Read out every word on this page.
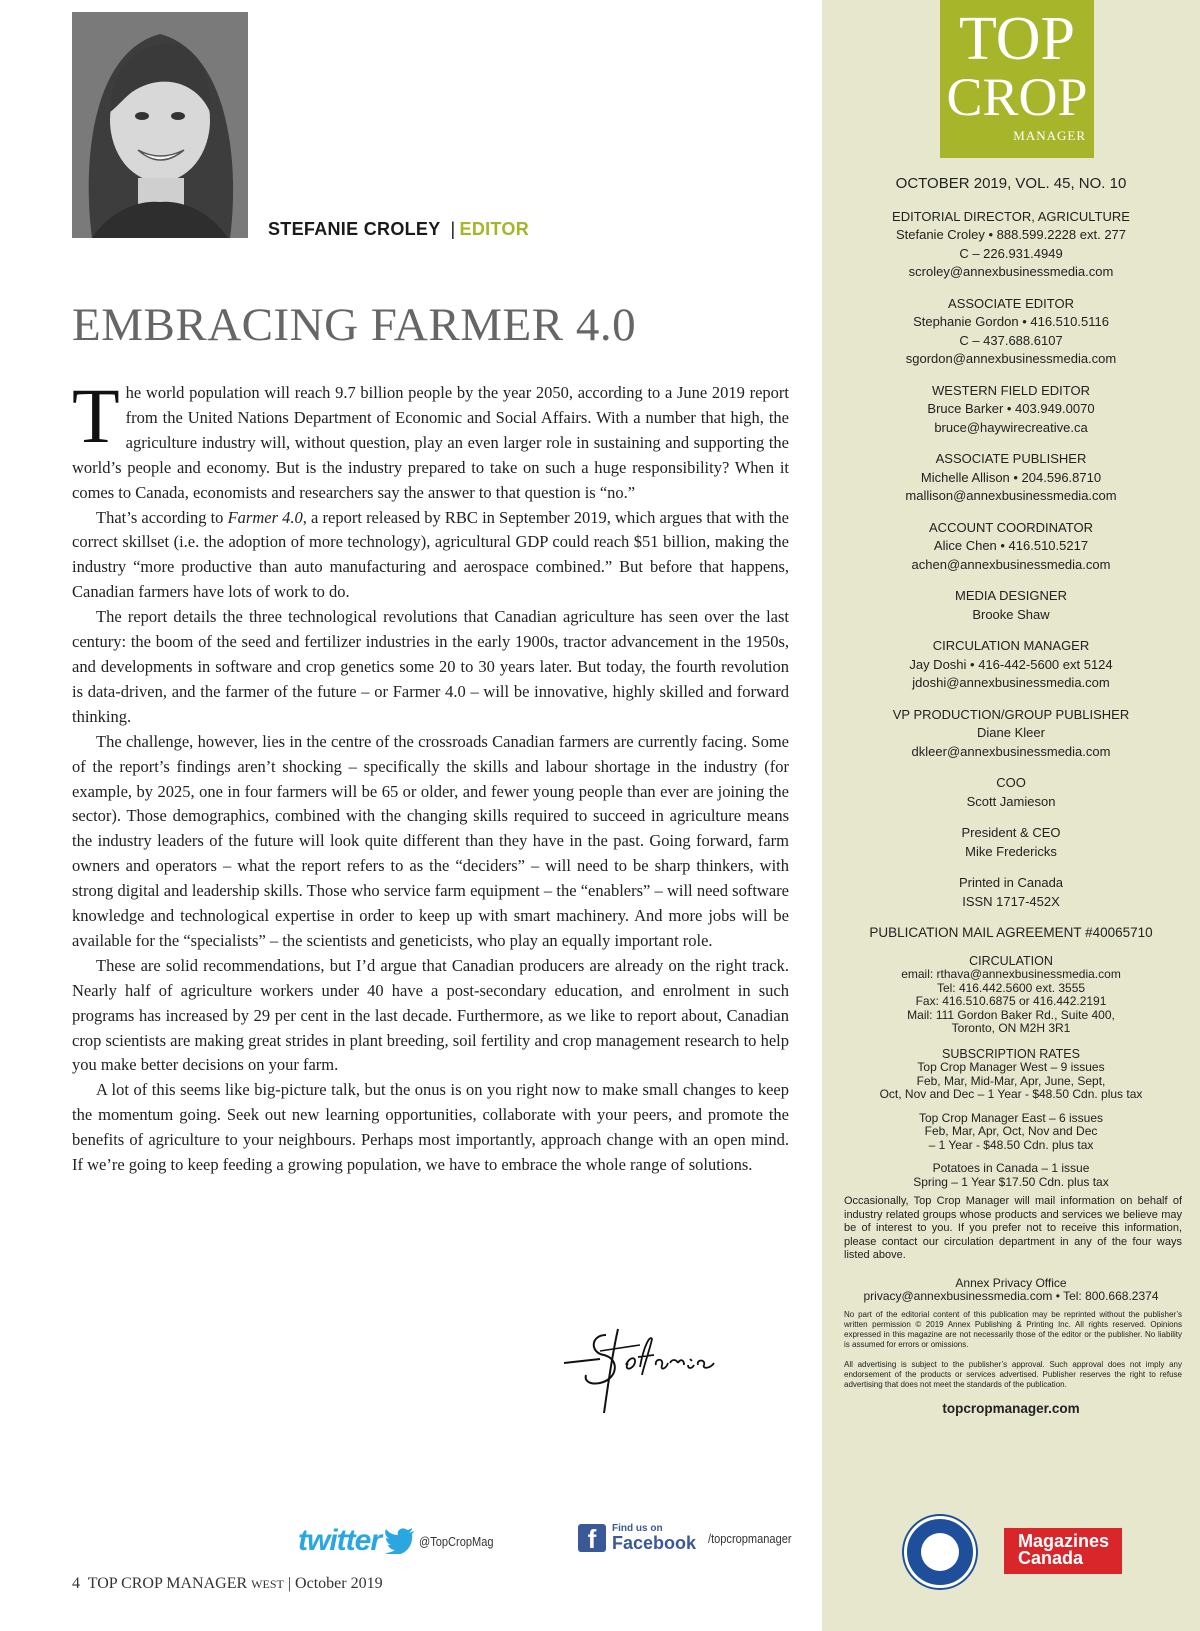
STEFANIE CROLEY | EDITOR
EMBRACING FARMER 4.0

The world population will reach 9.7 billion people by the year 2050, according to a June 2019 report from the United Nations Department of Economic and Social Affairs. With a number that high, the agriculture industry will, without question, play an even larger role in sustaining and supporting the world’s people and economy. But is the industry prepared to take on such a huge responsibility? When it comes to Canada, economists and researchers say the answer to that question is “no.”

That’s according to Farmer 4.0, a report released by RBC in September 2019, which argues that with the correct skillset (i.e. the adoption of more technology), agricultural GDP could reach $51 billion, making the industry “more productive than auto manufacturing and aerospace combined.” But before that happens, Canadian farmers have lots of work to do.

The report details the three technological revolutions that Canadian agriculture has seen over the last century: the boom of the seed and fertilizer industries in the early 1900s, tractor advancement in the 1950s, and developments in software and crop genetics some 20 to 30 years later. But today, the fourth revolution is data-driven, and the farmer of the future – or Farmer 4.0 – will be innovative, highly skilled and forward thinking.

The challenge, however, lies in the centre of the crossroads Canadian farmers are currently facing. Some of the report’s findings aren’t shocking – specifically the skills and labour shortage in the industry (for example, by 2025, one in four farmers will be 65 or older, and fewer young people than ever are joining the sector). Those demographics, combined with the changing skills required to succeed in agriculture means the industry leaders of the future will look quite different than they have in the past. Going forward, farm owners and operators – what the report refers to as the “deciders” – will need to be sharp thinkers, with strong digital and leadership skills. Those who service farm equipment – the “enablers” – will need software knowledge and technological expertise in order to keep up with smart machinery. And more jobs will be available for the “specialists” – the scientists and geneticists, who play an equally important role.

These are solid recommendations, but I’d argue that Canadian producers are already on the right track. Nearly half of agriculture workers under 40 have a post-secondary education, and enrolment in such programs has increased by 29 per cent in the last decade. Furthermore, as we like to report about, Canadian crop scientists are making great strides in plant breeding, soil fertility and crop management research to help you make better decisions on your farm.

A lot of this seems like big-picture talk, but the onus is on you right now to make small changes to keep the momentum going. Seek out new learning opportunities, collaborate with your peers, and promote the benefits of agriculture to your neighbours. Perhaps most importantly, approach change with an open mind. If we’re going to keep feeding a growing population, we have to embrace the whole range of solutions.

twitter	@TopCropMag	f	Find us on
Facebook /topcropmanager
4 TOP CROP MANAGER WEST | October 2019
TOP
CROP
MANAGER
OCTOBER 2019, VOL. 45, NO. 10
EDITORIAL DIRECTOR, AGRICULTURE
Stefanie Croley • 888.599.2228 ext. 277
C – 226.931.4949
scroley@annexbusinessmedia.com
ASSOCIATE EDITOR
Stephanie Gordon • 416.510.5116
C – 437.688.6107
sgordon@annexbusinessmedia.com
WESTERN FIELD EDITOR
Bruce Barker • 403.949.0070
bruce@haywirecreative.ca
ASSOCIATE PUBLISHER
Michelle Allison • 204.596.8710
mallison@annexbusinessmedia.com
ACCOUNT COORDINATOR
Alice Chen • 416.510.5217
achen@annexbusinessmedia.com
MEDIA DESIGNER
Brooke Shaw
CIRCULATION MANAGER
Jay Doshi • 416-442-5600 ext 5124
jdoshi@annexbusinessmedia.com
VP PRODUCTION/GROUP PUBLISHER
Diane Kleer
dkleer@annexbusinessmedia.com
COO
Scott Jamieson
President & CEO
Mike Fredericks
Printed in Canada
ISSN 1717-452X
PUBLICATION MAIL AGREEMENT #40065710
CIRCULATION
email: rthava@annexbusinessmedia.com
Tel: 416.442.5600 ext. 3555
Fax: 416.510.6875 or 416.442.2191
Mail: 111 Gordon Baker Rd., Suite 400,
Toronto, ON M2H 3R1
SUBSCRIPTION RATES
Top Crop Manager West – 9 issues
Feb, Mar, Mid-Mar, Apr, June, Sept,
Oct, Nov and Dec – 1 Year - $48.50 Cdn. plus tax
Top Crop Manager East – 6 issues
Feb, Mar, Apr, Oct, Nov and Dec
– 1 Year - $48.50 Cdn. plus tax
Potatoes in Canada – 1 issue
Spring – 1 Year $17.50 Cdn. plus tax
Occasionally, Top Crop Manager will mail information on behalf of industry related groups whose products and services we believe may be of interest to you. If you prefer not to receive this information, please contact our circulation department in any of the four ways listed above.
Annex Privacy Office
privacy@annexbusinessmedia.com • Tel: 800.668.2374
No part of the editorial content of this publication may be reprinted without the publisher’s written permission © 2019 Annex Publishing & Printing Inc. All rights reserved. Opinions expressed in this magazine are not necessarily those of the editor or the publisher. No liability is assumed for errors or omissions.
All advertising is subject to the publisher’s approval. Such approval does not imply any endorsement of the products or services advertised. Publisher reserves the right to refuse advertising that does not meet the standards of the publication.
topcropmanager.com
Magazines Canada
